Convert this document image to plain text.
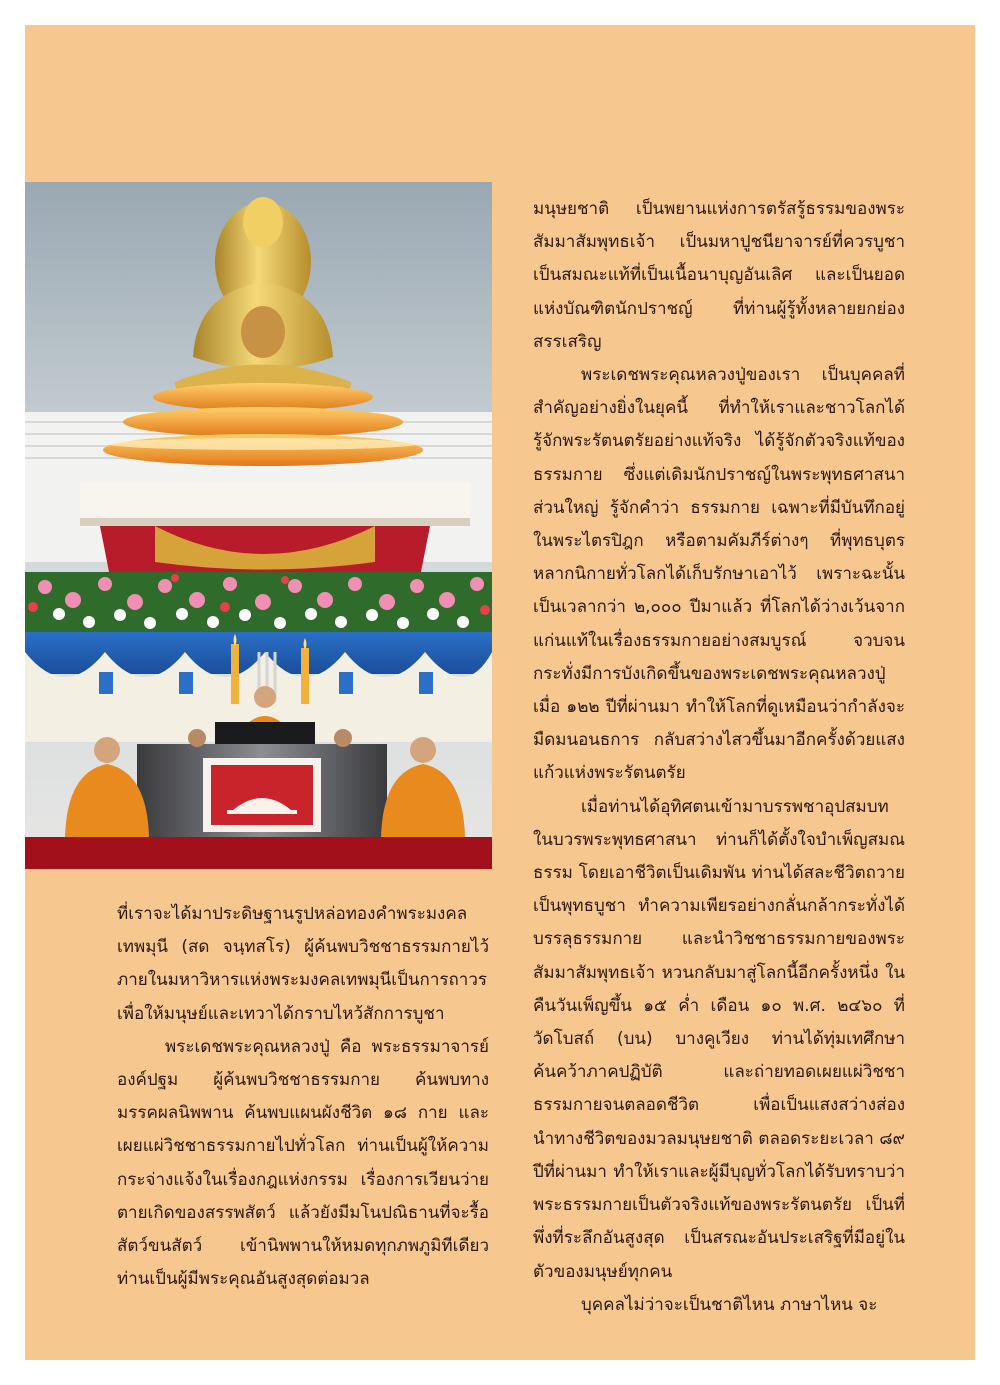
มนุษยชาติ เป็นพยานแห่งการตรัสรู้ธรรมของพระสัมมาสัมพุทธเจ้า เป็นมหาปูชนียาจารย์ที่ควรบูชา เป็นสมณะแท้ที่เป็นเนื้อนาบุญอันเลิศ และเป็นยอดแห่งบัณฑิตนักปราชญ์ ที่ท่านผู้รู้ทั้งหลายยกย่องสรรเสริญ

พระเดชพระคุณหลวงปู่ของเรา เป็นบุคคลที่สำคัญอย่างยิ่งในยุคนี้ ที่ทำให้เราและชาวโลกได้รู้จักพระรัตนตรัยอย่างแท้จริง ได้รู้จักตัวจริงแท้ของธรรมกาย ซึ่งแต่เดิมนักปราชญ์ในพระพุทธศาสนาส่วนใหญ่ รู้จักคำว่า ธรรมกาย เฉพาะที่มีบันทึกอยู่ในพระไตรปิฎก หรือตามคัมภีร์ต่างๆ ที่พุทธบุตรหลากนิกายทั่วโลกได้เก็บรักษาเอาไว้ เพราะฉะนั้นเป็นเวลากว่า ๒,๐๐๐ ปีมาแล้ว ที่โลกได้ว่างเว้นจากแก่นแท้ในเรื่องธรรมกายอย่างสมบูรณ์ จวบจนกระทั่งมีการบังเกิดขึ้นของพระเดชพระคุณหลวงปู่ เมื่อ ๑๒๒ ปีที่ผ่านมา ทำให้โลกที่ดูเหมือนว่ากำลังจะมืดมนอนธการ กลับสว่างไสวขึ้นมาอีกครั้งด้วยแสงแก้วแห่งพระรัตนตรัย

เมื่อท่านได้อุทิศตนเข้ามาบรรพชาอุปสมบทในบวรพระพุทธศาสนา ท่านก็ได้ตั้งใจบำเพ็ญสมณธรรม โดยเอาชีวิตเป็นเดิมพัน ท่านได้สละชีวิตถวายเป็นพุทธบูชา ทำความเพียรอย่างกลั่นกล้ากระทั่งได้บรรลุธรรมกาย และนำวิชชาธรรมกายของพระสัมมาสัมพุทธเจ้า หวนกลับมาสู่โลกนี้อีกครั้งหนึ่ง ในคืนวันเพ็ญขึ้น ๑๕ ค่ำ เดือน ๑๐ พ.ศ. ๒๔๖๐ ที่วัดโบสถ์ (บน) บางคูเวียง ท่านได้ทุ่มเทศึกษาค้นคว้าภาคปฏิบัติ และถ่ายทอดเผยแผ่วิชชาธรรมกายจนตลอดชีวิต เพื่อเป็นแสงสว่างส่องนำทางชีวิตของมวลมนุษยชาติ ตลอดระยะเวลา ๘๙ ปีที่ผ่านมา ทำให้เราและผู้มีบุญทั่วโลกได้รับทราบว่า พระธรรมกายเป็นตัวจริงแท้ของพระรัตนตรัย เป็นที่พึ่งที่ระลึกอันสูงสุด เป็นสรณะอันประเสริฐที่มีอยู่ในตัวของมนุษย์ทุกคน

บุคคลไม่ว่าจะเป็นชาติไหน ภาษาไหน จะ

ที่เราจะได้มาประดิษฐานรูปหล่อทองคำพระมงคลเทพมุนี (สด จนฺทสโร) ผู้ค้นพบวิชชาธรรมกายไว้ภายในมหาวิหารแห่งพระมงคลเทพมุนีเป็นการถาวร เพื่อให้มนุษย์และเทวาได้กราบไหว้สักการบูชา

พระเดชพระคุณหลวงปู่ คือ พระธรรมาจารย์องค์ปฐม ผู้ค้นพบวิชชาธรรมกาย ค้นพบทางมรรคผลนิพพาน ค้นพบแผนผังชีวิต ๑๘ กาย และเผยแผ่วิชชาธรรมกายไปทั่วโลก ท่านเป็นผู้ให้ความกระจ่างแจ้งในเรื่องกฎแห่งกรรม เรื่องการเวียนว่ายตายเกิดของสรรพสัตว์ แล้วยังมีมโนปณิธานที่จะรื้อสัตว์ขนสัตว์ เข้านิพพานให้หมดทุกภพภูมิทีเดียว ท่านเป็นผู้มีพระคุณอันสูงสุดต่อมวล
